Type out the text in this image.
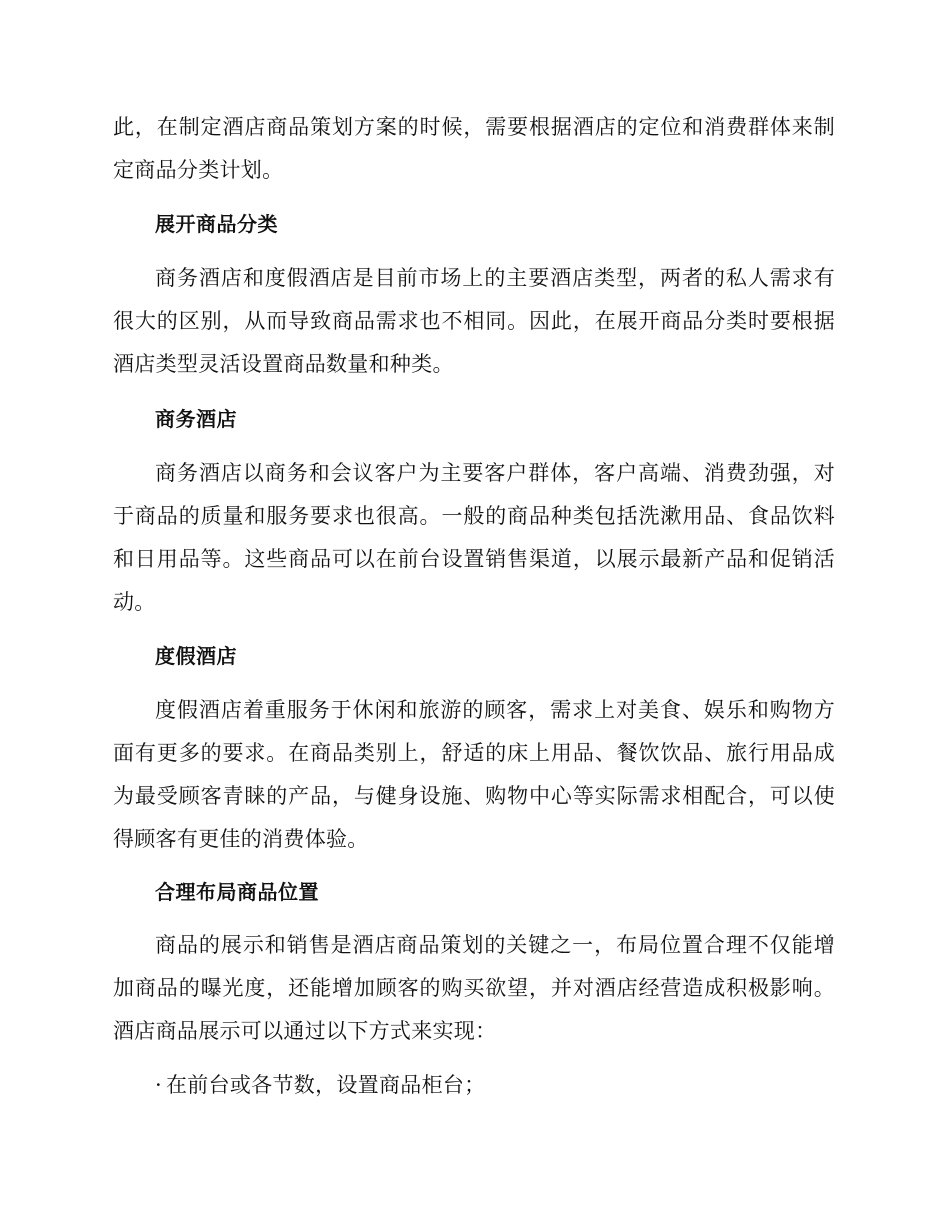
此，在制定酒店商品策划方案的时候，需要根据酒店的定位和消费群体来制定商品分类计划。

展开商品分类

商务酒店和度假酒店是目前市场上的主要酒店类型，两者的私人需求有很大的区别，从而导致商品需求也不相同。因此，在展开商品分类时要根据酒店类型灵活设置商品数量和种类。

商务酒店

商务酒店以商务和会议客户为主要客户群体，客户高端、消费劲强，对于商品的质量和服务要求也很高。一般的商品种类包括洗漱用品、食品饮料和日用品等。这些商品可以在前台设置销售渠道，以展示最新产品和促销活动。

度假酒店

度假酒店着重服务于休闲和旅游的顾客，需求上对美食、娱乐和购物方面有更多的要求。在商品类别上，舒适的床上用品、餐饮饮品、旅行用品成为最受顾客青睐的产品，与健身设施、购物中心等实际需求相配合，可以使得顾客有更佳的消费体验。

合理布局商品位置

商品的展示和销售是酒店商品策划的关键之一，布局位置合理不仅能增加商品的曝光度，还能增加顾客的购买欲望，并对酒店经营造成积极影响。酒店商品展示可以通过以下方式来实现：

· 在前台或各节数，设置商品柜台；
